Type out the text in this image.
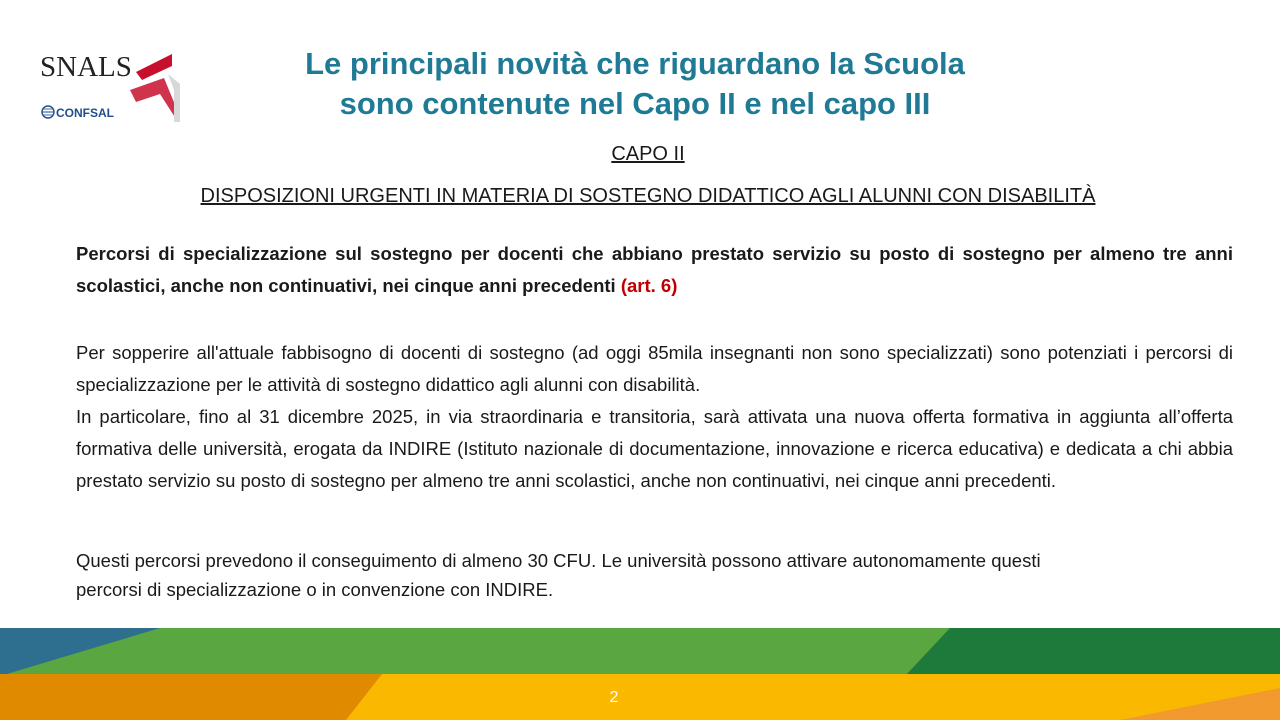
SNALS
CONFSAL
Le principali novità che riguardano la Scuola
sono contenute nel Capo II e nel capo III
CAPO II
DISPOSIZIONI URGENTI IN MATERIA DI SOSTEGNO DIDATTICO AGLI ALUNNI CON DISABILITÀ
Percorsi di specializzazione sul sostegno per docenti che abbiano prestato servizio su posto di sostegno per almeno tre anni scolastici, anche non continuativi, nei cinque anni precedenti (art. 6)
Per sopperire all'attuale fabbisogno di docenti di sostegno (ad oggi 85mila insegnanti non sono specializzati) sono potenziati i percorsi di specializzazione per le attività di sostegno didattico agli alunni con disabilità.
In particolare, fino al 31 dicembre 2025, in via straordinaria e transitoria, sarà attivata una nuova offerta formativa in aggiunta all’offerta formativa delle università, erogata da INDIRE (Istituto nazionale di documentazione, innovazione e ricerca educativa) e dedicata a chi abbia prestato servizio su posto di sostegno per almeno tre anni scolastici, anche non continuativi, nei cinque anni precedenti.
Questi percorsi prevedono il conseguimento di almeno 30 CFU. Le università possono attivare autonomamente questi
percorsi di specializzazione o in convenzione con INDIRE.
2
